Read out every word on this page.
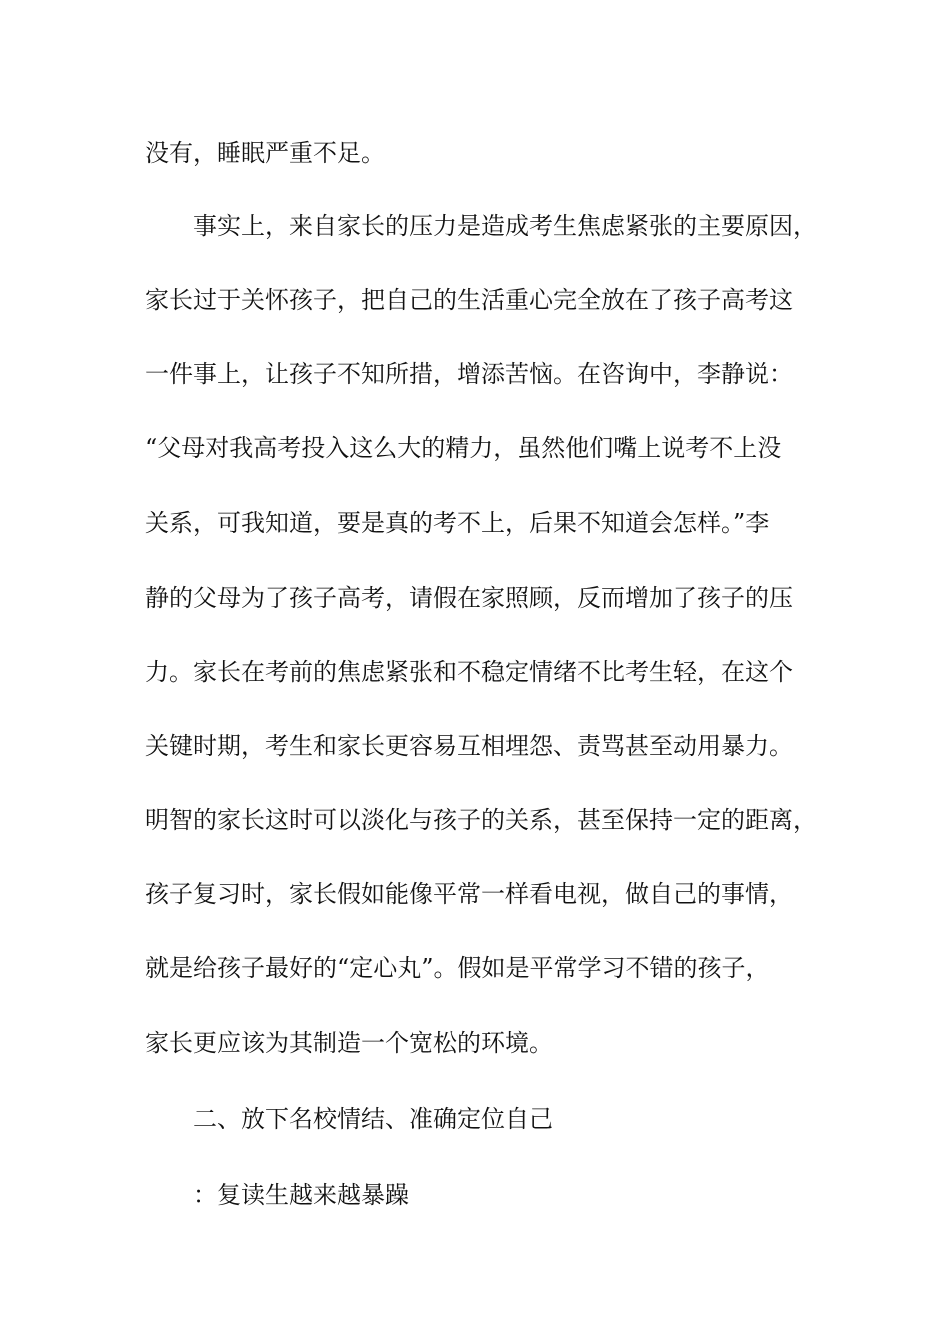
没有，睡眠严重不足。
事实上，来自家长的压力是造成考生焦虑紧张的主要原因，
家长过于关怀孩子，把自己的生活重心完全放在了孩子高考这
一件事上，让孩子不知所措，增添苦恼。在咨询中，李静说：
“父母对我高考投入这么大的精力，虽然他们嘴上说考不上没
关系，可我知道，要是真的考不上，后果不知道会怎样。”李
静的父母为了孩子高考，请假在家照顾，反而增加了孩子的压
力。家长在考前的焦虑紧张和不稳定情绪不比考生轻，在这个
关键时期，考生和家长更容易互相埋怨、责骂甚至动用暴力。
明智的家长这时可以淡化与孩子的关系，甚至保持一定的距离，
孩子复习时，家长假如能像平常一样看电视，做自己的事情，
就是给孩子最好的“定心丸”。假如是平常学习不错的孩子，
家长更应该为其制造一个宽松的环境。
二、放下名校情结、准确定位自己
：复读生越来越暴躁
